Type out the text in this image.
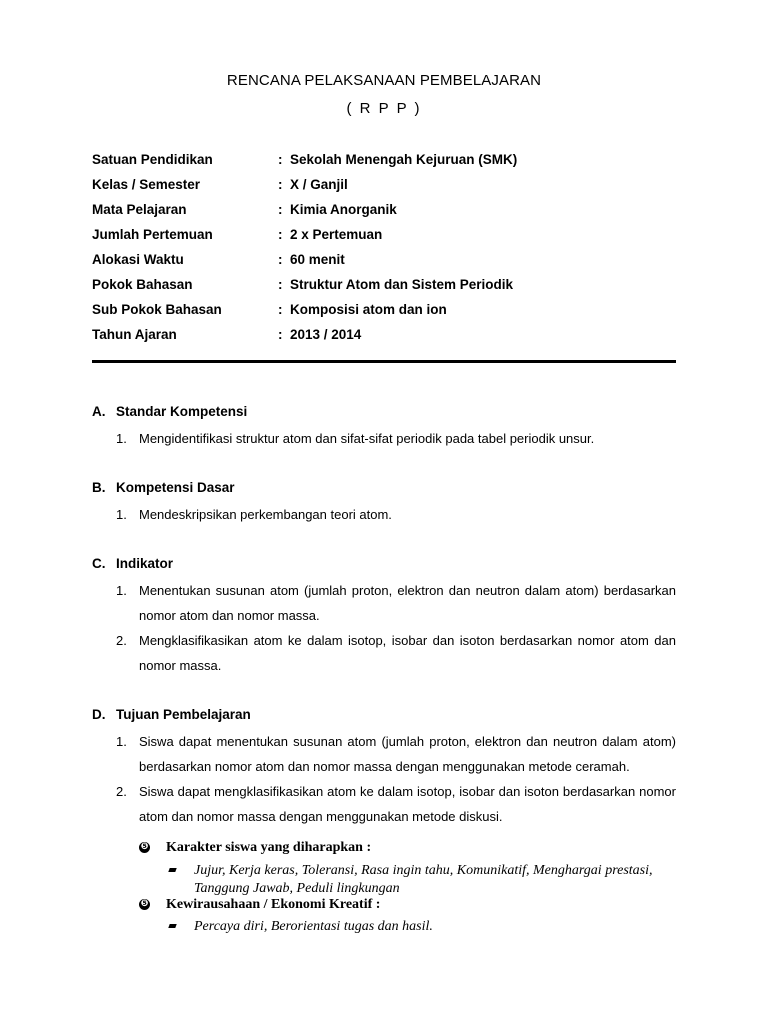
RENCANA PELAKSANAAN PEMBELAJARAN
( R P P )
Satuan Pendidikan	: Sekolah Menengah Kejuruan (SMK)
Kelas / Semester	: X / Ganjil
Mata Pelajaran	: Kimia Anorganik
Jumlah Pertemuan	: 2 x Pertemuan
Alokasi Waktu	: 60 menit
Pokok Bahasan	: Struktur Atom dan Sistem Periodik
Sub Pokok Bahasan	: Komposisi atom dan ion
Tahun Ajaran	: 2013 / 2014
A. Standar Kompetensi
1. Mengidentifikasi struktur atom dan sifat-sifat periodik pada tabel periodik unsur.
B. Kompetensi Dasar
1. Mendeskripsikan perkembangan teori atom.
C. Indikator
1. Menentukan susunan atom (jumlah proton, elektron dan neutron dalam atom) berdasarkan nomor atom dan nomor massa.
2. Mengklasifikasikan atom ke dalam isotop, isobar dan isoton berdasarkan nomor atom dan nomor massa.
D. Tujuan Pembelajaran
1. Siswa dapat menentukan susunan atom (jumlah proton, elektron dan neutron dalam atom) berdasarkan nomor atom dan nomor massa dengan menggunakan metode ceramah.
2. Siswa dapat mengklasifikasikan atom ke dalam isotop, isobar dan isoton berdasarkan nomor atom dan nomor massa dengan menggunakan metode diskusi.
❺ Karakter siswa yang diharapkan :
Jujur, Kerja keras, Toleransi, Rasa ingin tahu, Komunikatif, Menghargai prestasi, Tanggung Jawab, Peduli lingkungan
❺ Kewirausahaan / Ekonomi Kreatif :
Percaya diri, Berorientasi tugas dan hasil.
